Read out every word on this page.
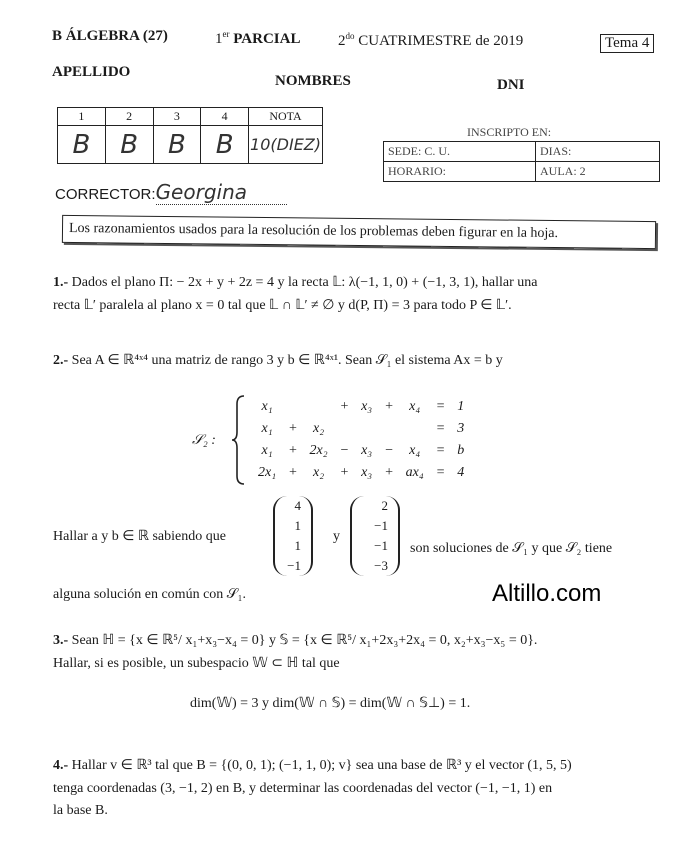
B ÁLGEBRA (27)	1er PARCIAL	$2^{do}$ CUATRIMESTRE de 2019	Tema 4
APELLIDO
NOMBRES	DNI
1	2	3	4	NOTA
B	B	B	B	10(DIEZ)
INSCRIPTO EN:
SEDE: C. U.	DIAS:
HORARIO:	AULA: 2
CORRECTOR:Georgina
Los razonamientos usados para la resolución de los problemas deben figurar en la hoja.
1.- Dados el plano Π: − 2x + y + 2z = 4 y la recta 𝕃: λ(−1, 1, 0) + (−1, 3, 1), hallar una
recta 𝕃′ paralela al plano x = 0 tal que 𝕃 ∩ 𝕃′ ≠ ∅ y d(P, Π) = 3 para todo P ∈ 𝕃′.
2.- Sea A ∈ ℝ⁴ˣ⁴ una matriz de rango 3 y b ∈ ℝ⁴ˣ¹. Sean 𝒮₁ el sistema Ax = b y
𝒮₂ :
x₁			+	x₃	+	x₄	=	1
x₁	+	x₂					=	3
x₁	+	2x₂	−	x₃	−	x₄	=	b
2x₁	+	x₂	+	x₃	+	ax₄	=	4
Hallar a y b ∈ ℝ sabiendo que
4
1
1
−1
y
2
−1
−1
−3
son soluciones de 𝒮₁ y que 𝒮₂ tiene
alguna solución en común con 𝒮₁.	Altillo.com
3.- Sean ℍ = {x ∈ ℝ⁵/ x₁+x₃−x₄ = 0} y 𝕊 = {x ∈ ℝ⁵/ x₁+2x₃+2x₄ = 0, x₂+x₃−x₅ = 0}.
Hallar, si es posible, un subespacio 𝕎 ⊂ ℍ tal que
dim(𝕎) = 3 y dim(𝕎 ∩ 𝕊) = dim(𝕎 ∩ 𝕊⊥) = 1.
4.- Hallar v ∈ ℝ³ tal que B = {(0, 0, 1); (−1, 1, 0); v} sea una base de ℝ³ y el vector (1, 5, 5)
tenga coordenadas (3, −1, 2) en B, y determinar las coordenadas del vector (−1, −1, 1) en
la base B.
